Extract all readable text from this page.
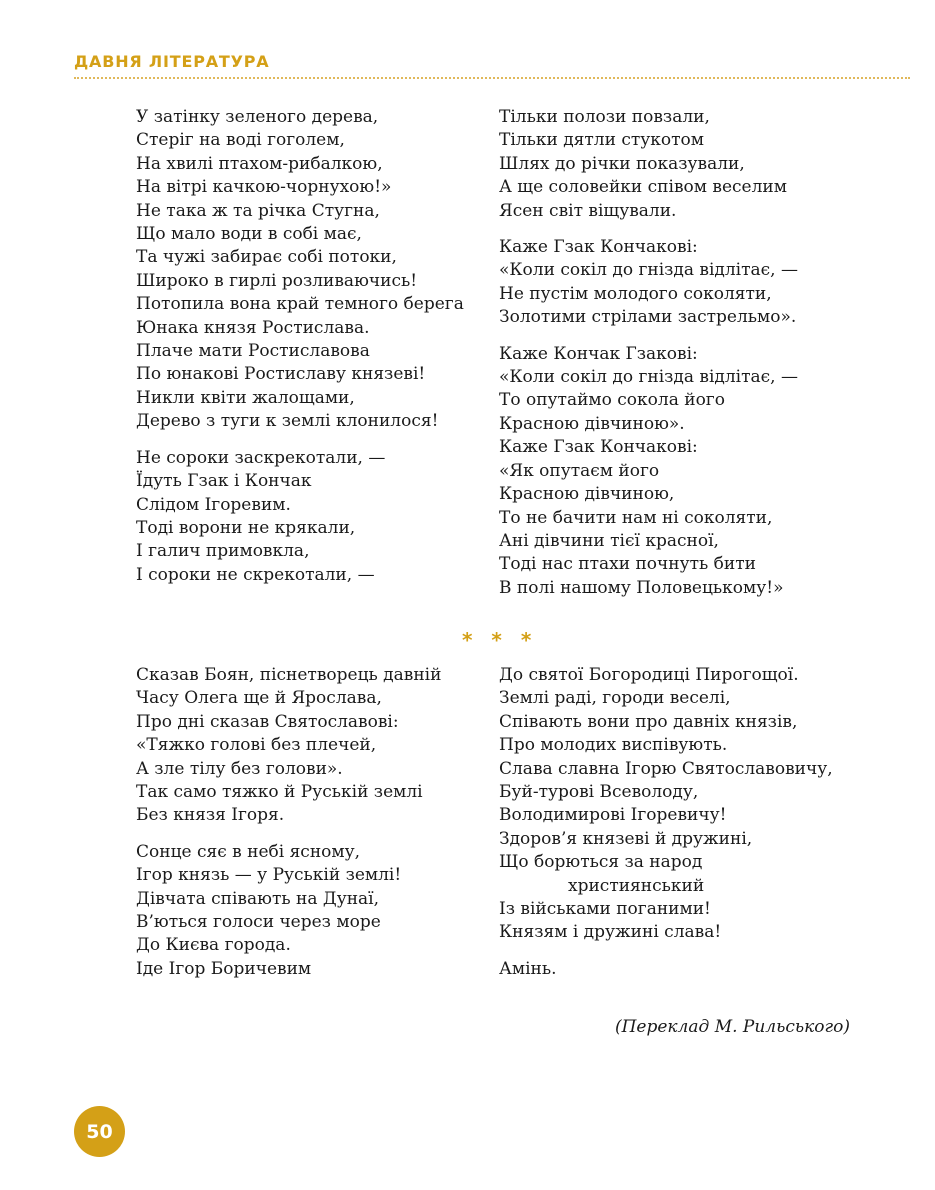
ДАВНЯ ЛІТЕРАТУРА
У затінку зеленого дерева,
Стеріг на воді гоголем,
На хвилі птахом-рибалкою,
На вітрі качкою-чорнухою!»
Не така ж та річка Стугна,
Що мало води в собі має,
Та чужі забирає собі потоки,
Широко в гирлі розливаючись!
Потопила вона край темного берега
Юнака князя Ростислава.
Плаче мати Ростиславова
По юнакові Ростиславу князеві!
Никли квіти жалощами,
Дерево з туги к землі клонилося!
Не сороки заскрекотали, —
Їдуть Гзак і Кончак
Слідом Ігоревим.
Тоді ворони не крякали,
І галич примовкла,
І сороки не скрекотали, —
Тільки полози повзали,
Тільки дятли стукотом
Шлях до річки показували,
А ще соловейки співом веселим
Ясен світ віщували.
Каже Гзак Кончакові:
«Коли сокіл до гнізда відлітає, —
Не пустім молодого соколяти,
Золотими стрілами застрельмо».
Каже Кончак Гзакові:
«Коли сокіл до гнізда відлітає, —
То опутаймо сокола його
Красною дівчиною».
Каже Гзак Кончакові:
«Як опутаєм його
Красною дівчиною,
То не бачити нам ні соколяти,
Ані дівчини тієї красної,
Тоді нас птахи почнуть бити
В полі нашому Половецькому!»
* * *
Сказав Боян, піснетворець давній
Часу Олега ще й Ярослава,
Про дні сказав Святославові:
«Тяжко голові без плечей,
А зле тілу без голови».
Так само тяжко й Руській землі
Без князя Ігоря.
Сонце сяє в небі ясному,
Ігор князь — у Руській землі!
Дівчата співають на Дунаї,
В’ються голоси через море
До Києва города.
Іде Ігор Боричевим
До святої Богородиці Пирогощої.
Землі раді, городи веселі,
Співають вони про давніх князів,
Про молодих виспівують.
Слава славна Ігорю Святославовичу,
Буй-турові Всеволоду,
Володимирові Ігоревичу!
Здоров’я князеві й дружині,
Що борються за народ
християнський
Із військами поганими!
Князям і дружині слава!
Амінь.
(Переклад М. Рильського)
50
